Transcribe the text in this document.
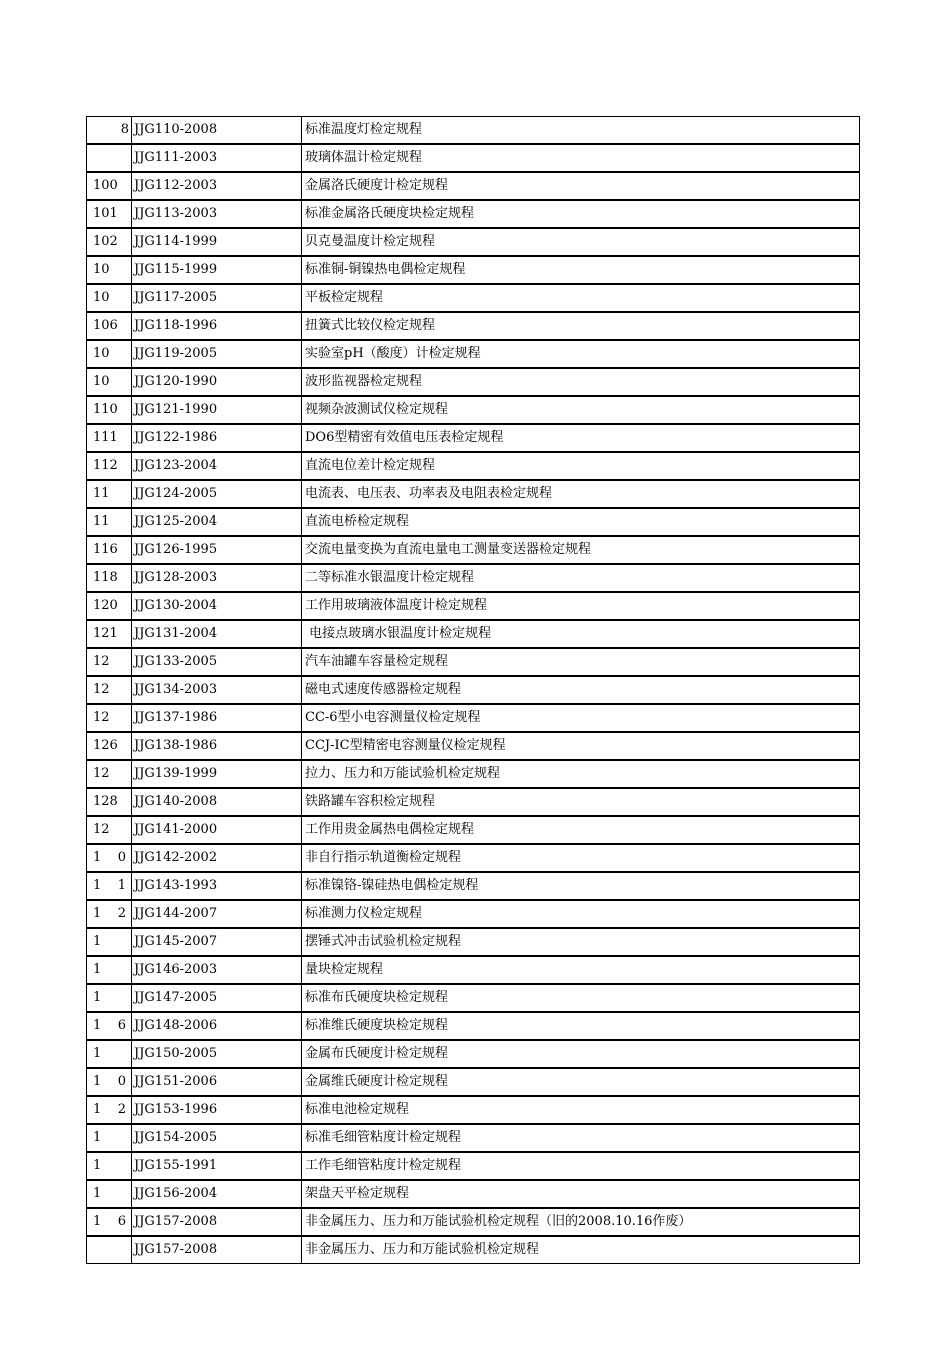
8	JJG110-2008	标准温度灯检定规程
	JJG111-2003	玻璃体温计检定规程
100	JJG112-2003	金属洛氏硬度计检定规程
101	JJG113-2003	标准金属洛氏硬度块检定规程
102	JJG114-1999	贝克曼温度计检定规程
10	JJG115-1999	标准铜-铜镍热电偶检定规程
10	JJG117-2005	平板检定规程
106	JJG118-1996	扭簧式比较仪检定规程
10	JJG119-2005	实验室pH（酸度）计检定规程
10	JJG120-1990	波形监视器检定规程
110	JJG121-1990	视频杂波测试仪检定规程
111	JJG122-1986	DO6型精密有效值电压表检定规程
112	JJG123-2004	直流电位差计检定规程
11	JJG124-2005	电流表、电压表、功率表及电阻表检定规程
11	JJG125-2004	直流电桥检定规程
116	JJG126-1995	交流电量变换为直流电量电工测量变送器检定规程
118	JJG128-2003	二等标准水银温度计检定规程
120	JJG130-2004	工作用玻璃液体温度计检定规程
121	JJG131-2004	电接点玻璃水银温度计检定规程
12	JJG133-2005	汽车油罐车容量检定规程
12	JJG134-2003	磁电式速度传感器检定规程
12	JJG137-1986	CC-6型小电容测量仪检定规程
126	JJG138-1986	CCJ-IC型精密电容测量仪检定规程
12	JJG139-1999	拉力、压力和万能试验机检定规程
128	JJG140-2008	铁路罐车容积检定规程
12	JJG141-2000	工作用贵金属热电偶检定规程
1    0	JJG142-2002	非自行指示轨道衡检定规程
1    1	JJG143-1993	标准镍铬-镍硅热电偶检定规程
1    2	JJG144-2007	标准测力仪检定规程
1	JJG145-2007	摆锤式冲击试验机检定规程
1	JJG146-2003	量块检定规程
1	JJG147-2005	标准布氏硬度块检定规程
1    6	JJG148-2006	标准维氏硬度块检定规程
1	JJG150-2005	金属布氏硬度计检定规程
1    0	JJG151-2006	金属维氏硬度计检定规程
1    2	JJG153-1996	标准电池检定规程
1	JJG154-2005	标准毛细管粘度计检定规程
1	JJG155-1991	工作毛细管粘度计检定规程
1	JJG156-2004	架盘天平检定规程
1    6	JJG157-2008	非金属压力、压力和万能试验机检定规程（旧的2008.10.16作废）
	JJG157-2008	非金属压力、压力和万能试验机检定规程
